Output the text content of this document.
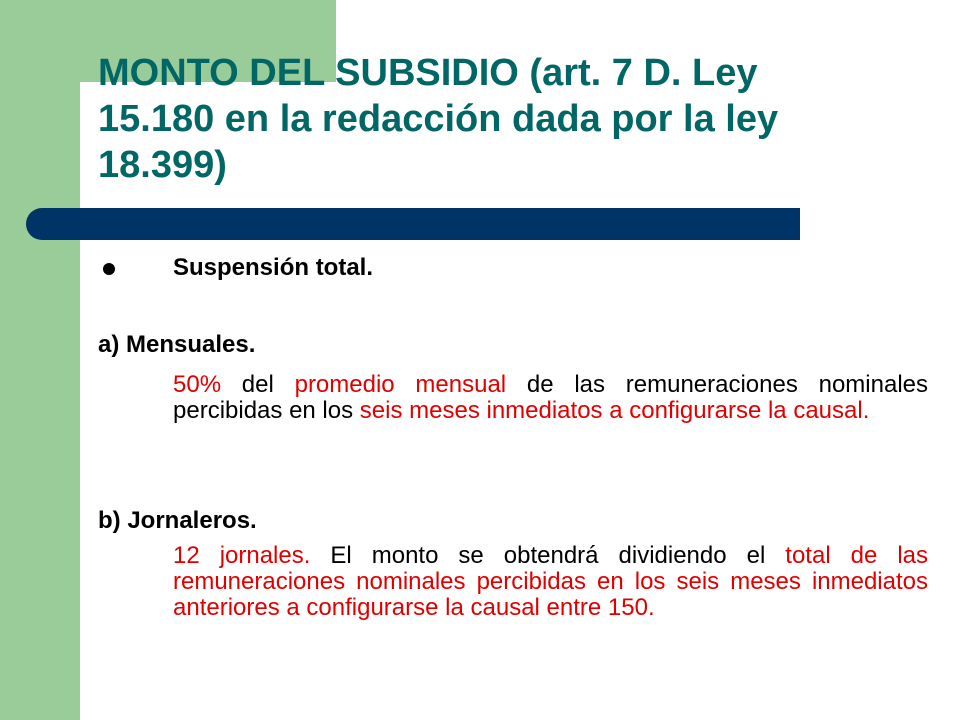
MONTO DEL SUBSIDIO (art. 7 D. Ley
15.180 en la redacción dada por la ley
18.399)
Suspensión total.
a) Mensuales.

50% del promedio mensual de las remuneraciones nominales percibidas en los seis meses inmediatos a configurarse la causal.

b) Jornaleros.

12 jornales. El monto se obtendrá dividiendo el total de las remuneraciones nominales percibidas en los seis meses inmediatos anteriores a configurarse la causal entre 150.
